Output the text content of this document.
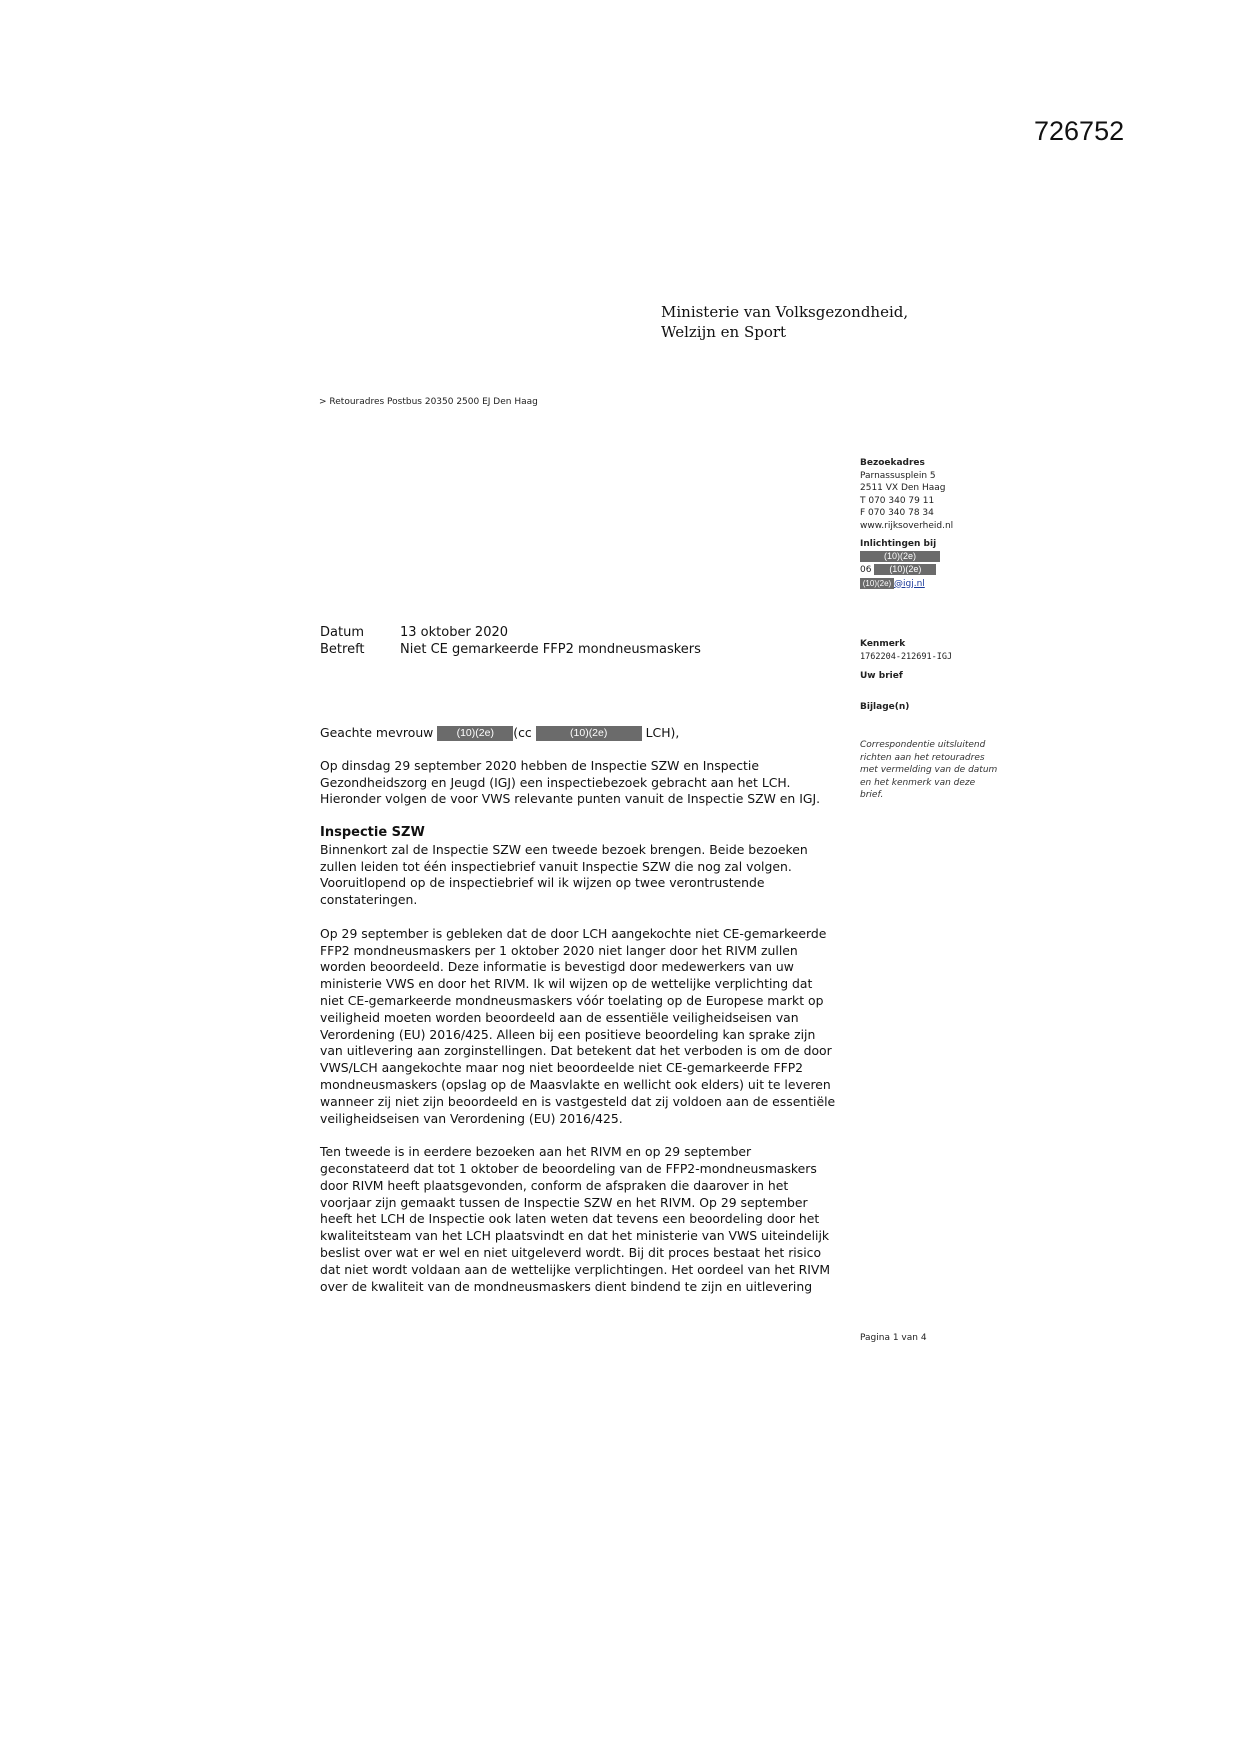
726752
Ministerie van Volksgezondheid,
Welzijn en Sport
> Retouradres Postbus 20350 2500 EJ Den Haag
Bezoekadres
Parnassusplein 5
2511 VX Den Haag
T 070 340 79 11
F 070 340 78 34
www.rijksoverheid.nl
Inlichtingen bij
(10)(2e)
06 (10)(2e)
(10)(2e) @igj.nl
Kenmerk
1762204-212691-IGJ
Uw brief
Bijlage(n)
Correspondentie uitsluitend
richten aan het retouradres
met vermelding van de datum
en het kenmerk van deze
brief.
Datum	13 oktober 2020
Betreft	Niet CE gemarkeerde FFP2 mondneusmaskers

Geachte mevrouw (10)(2e) (cc	(10)(2e)	LCH),

Op dinsdag 29 september 2020 hebben de Inspectie SZW en Inspectie
Gezondheidszorg en Jeugd (IGJ) een inspectiebezoek gebracht aan het LCH.
Hieronder volgen de voor VWS relevante punten vanuit de Inspectie SZW en IGJ.

Inspectie SZW

Binnenkort zal de Inspectie SZW een tweede bezoek brengen. Beide bezoeken
zullen leiden tot één inspectiebrief vanuit Inspectie SZW die nog zal volgen.
Vooruitlopend op de inspectiebrief wil ik wijzen op twee verontrustende
constateringen.

Op 29 september is gebleken dat de door LCH aangekochte niet CE-gemarkeerde
FFP2 mondneusmaskers per 1 oktober 2020 niet langer door het RIVM zullen
worden beoordeeld. Deze informatie is bevestigd door medewerkers van uw
ministerie VWS en door het RIVM. Ik wil wijzen op de wettelijke verplichting dat
niet CE-gemarkeerde mondneusmaskers vóór toelating op de Europese markt op
veiligheid moeten worden beoordeeld aan de essentiële veiligheidseisen van
Verordening (EU) 2016/425. Alleen bij een positieve beoordeling kan sprake zijn
van uitlevering aan zorginstellingen. Dat betekent dat het verboden is om de door
VWS/LCH aangekochte maar nog niet beoordeelde niet CE-gemarkeerde FFP2
mondneusmaskers (opslag op de Maasvlakte en wellicht ook elders) uit te leveren
wanneer zij niet zijn beoordeeld en is vastgesteld dat zij voldoen aan de essentiële
veiligheidseisen van Verordening (EU) 2016/425.

Ten tweede is in eerdere bezoeken aan het RIVM en op 29 september
geconstateerd dat tot 1 oktober de beoordeling van de FFP2-mondneusmaskers
door RIVM heeft plaatsgevonden, conform de afspraken die daarover in het
voorjaar zijn gemaakt tussen de Inspectie SZW en het RIVM. Op 29 september
heeft het LCH de Inspectie ook laten weten dat tevens een beoordeling door het
kwaliteitsteam van het LCH plaatsvindt en dat het ministerie van VWS uiteindelijk
beslist over wat er wel en niet uitgeleverd wordt. Bij dit proces bestaat het risico
dat niet wordt voldaan aan de wettelijke verplichtingen. Het oordeel van het RIVM
over de kwaliteit van de mondneusmaskers dient bindend te zijn en uitlevering

Pagina 1 van 4
